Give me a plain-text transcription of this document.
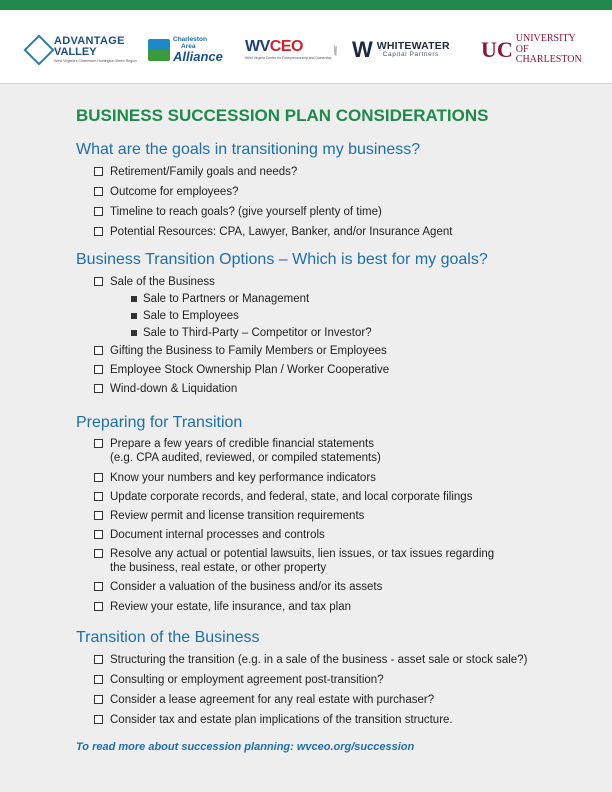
ADVANTAGE
VALLEY
West Virginia's Charleston-Huntington Metro Region
Charleston
Area
Alliance
WVCEO
West Virginia Center for Entrepreneurship and Ownership W WHITEWATER
Capital Partners	UC UNIVERSITY OF
CHARLESTON
BUSINESS SUCCESSION PLAN CONSIDERATIONS
What are the goals in transitioning my business?
Retirement/Family goals and needs?
Outcome for employees?
Timeline to reach goals? (give yourself plenty of time)
Potential Resources: CPA, Lawyer, Banker, and/or Insurance Agent
Business Transition Options – Which is best for my goals?
Sale of the Business
Sale to Partners or Management
Sale to Employees
Sale to Third-Party – Competitor or Investor?
Gifting the Business to Family Members or Employees
Employee Stock Ownership Plan / Worker Cooperative
Wind-down & Liquidation
Preparing for Transition
Prepare a few years of credible financial statements
(e.g. CPA audited, reviewed, or compiled statements)
Know your numbers and key performance indicators
Update corporate records, and federal, state, and local corporate filings
Review permit and license transition requirements
Document internal processes and controls
Resolve any actual or potential lawsuits, lien issues, or tax issues regarding
the business, real estate, or other property
Consider a valuation of the business and/or its assets
Review your estate, life insurance, and tax plan
Transition of the Business
Structuring the transition (e.g. in a sale of the business - asset sale or stock sale?)
Consulting or employment agreement post-transition?
Consider a lease agreement for any real estate with purchaser?
Consider tax and estate plan implications of the transition structure.
To read more about succession planning: wvceo.org/succession
